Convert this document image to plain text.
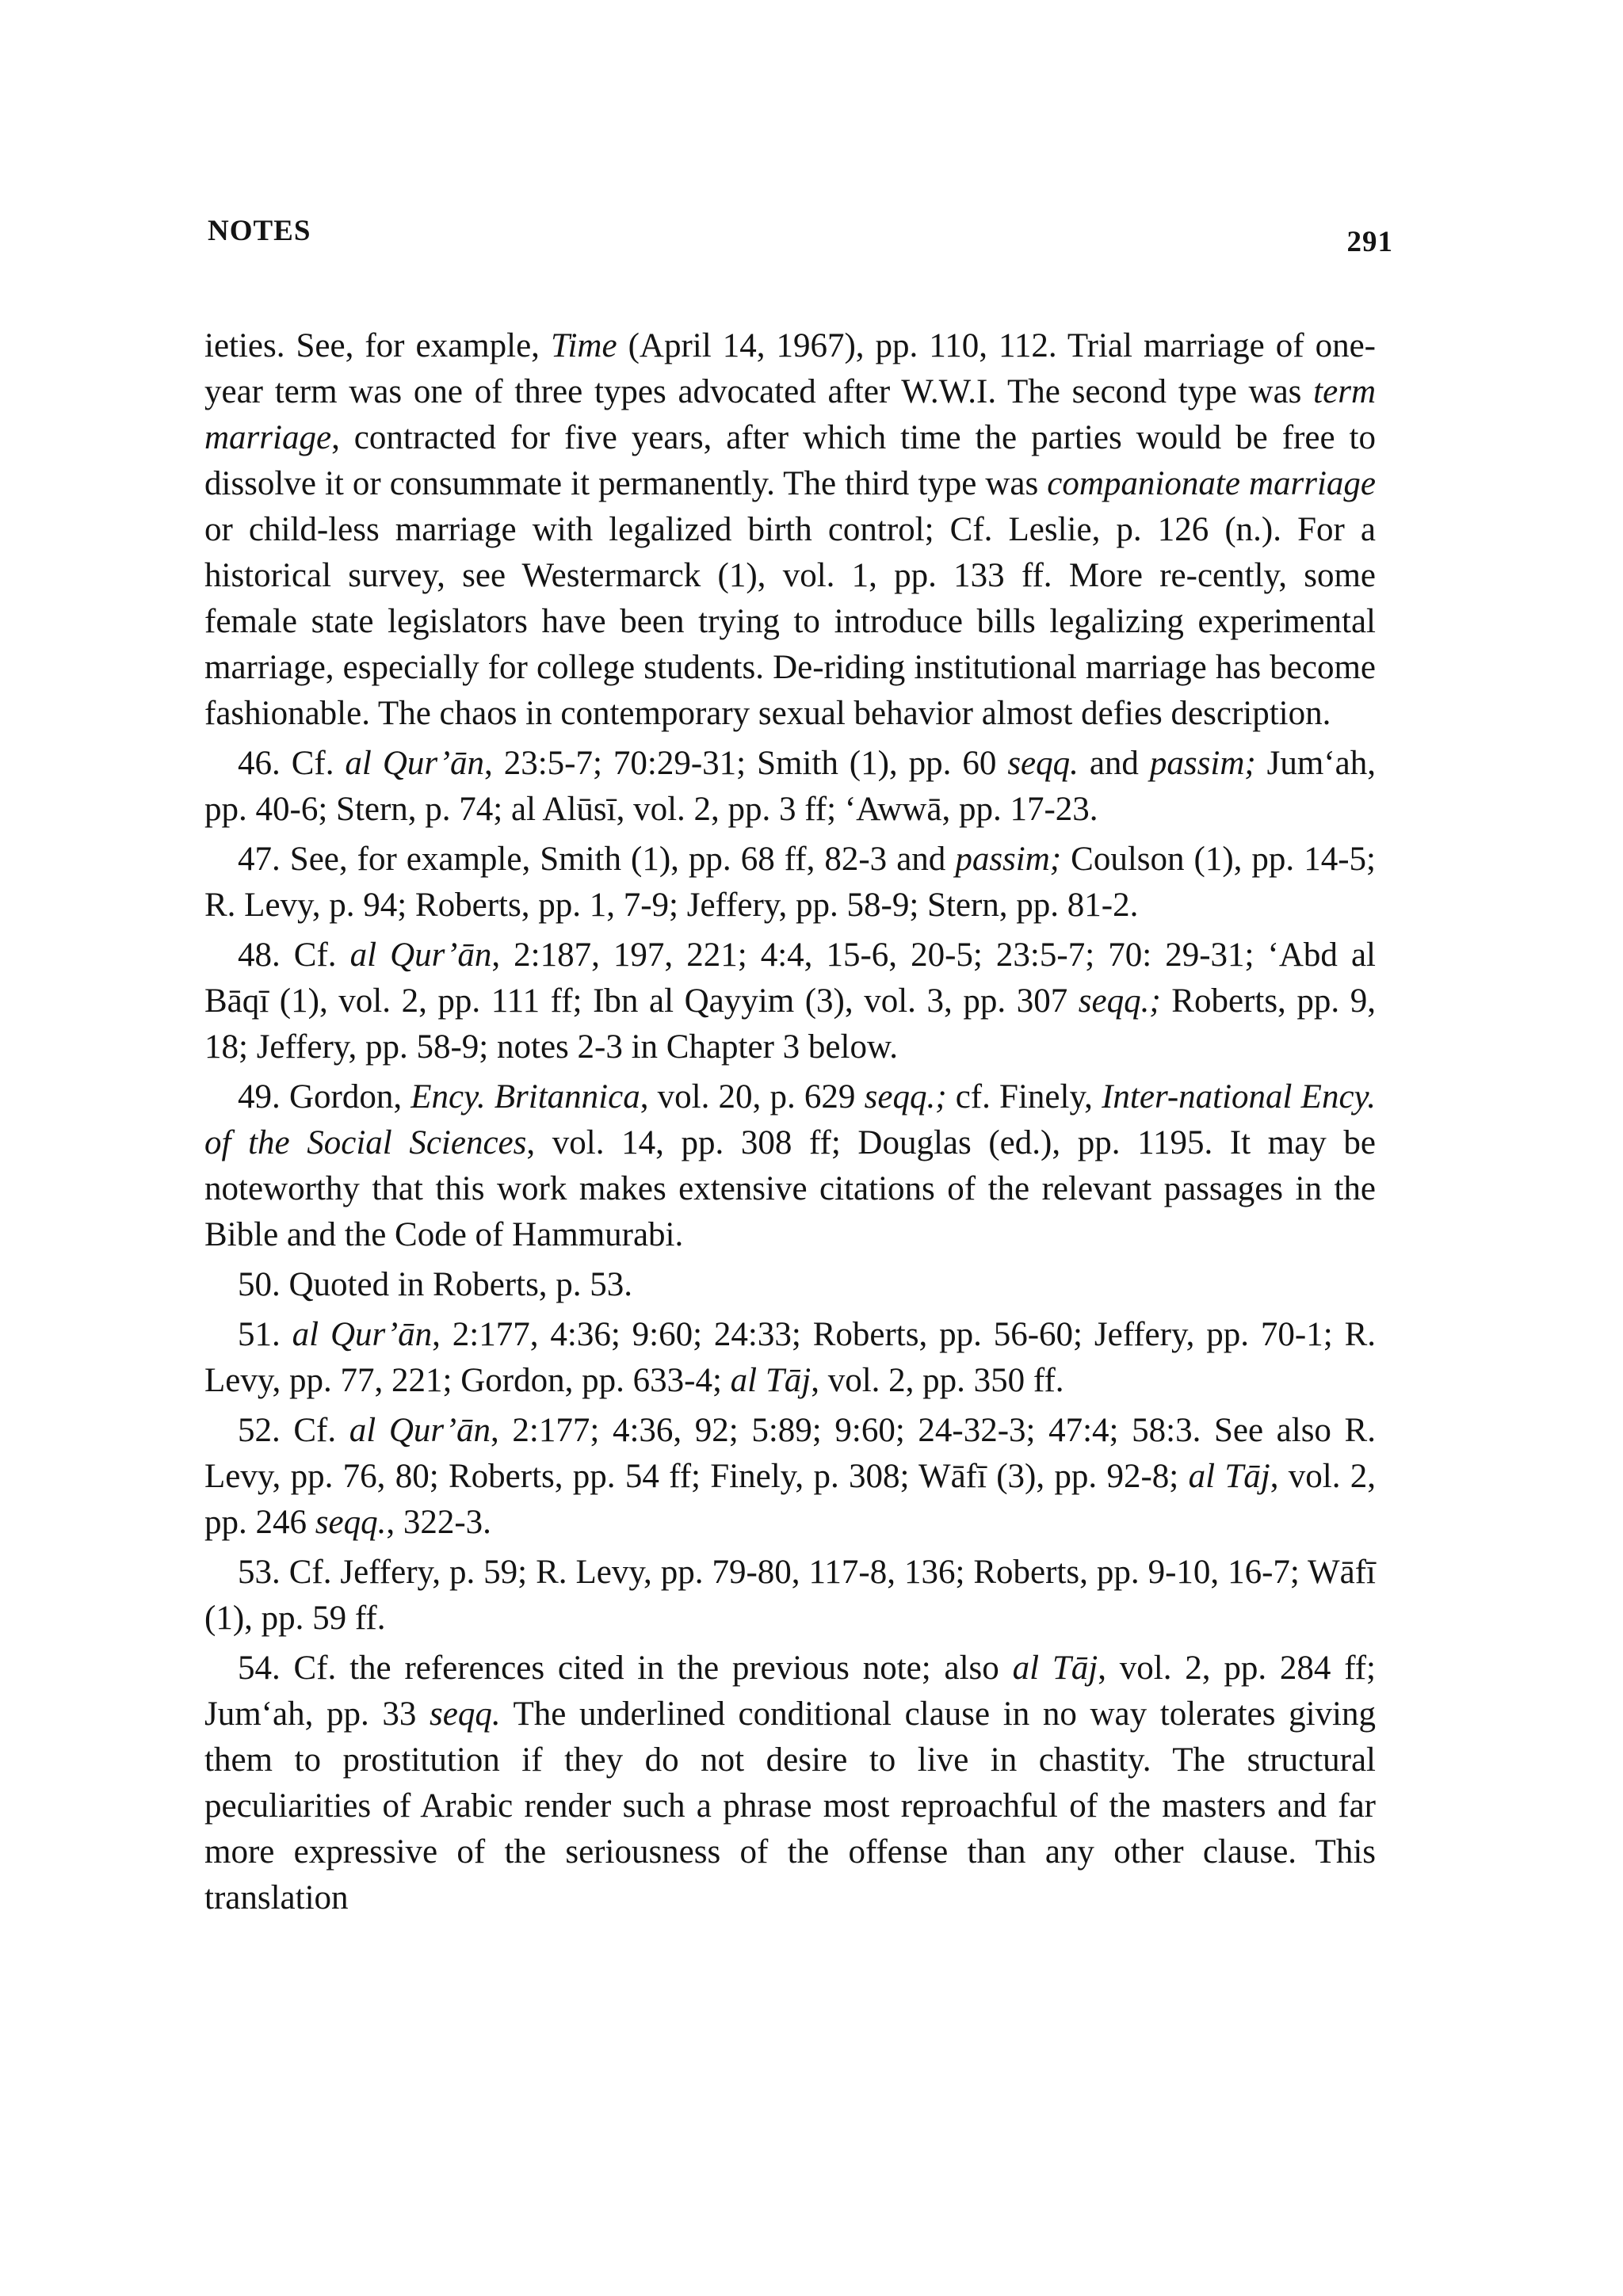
NOTES	291

ieties. See, for example, Time (April 14, 1967), pp. 110, 112. Trial marriage of one-year term was one of three types advocated after W.W.I. The second type was term marriage, contracted for five years, after which time the parties would be free to dissolve it or consummate it permanently. The third type was companionate marriage or child-less marriage with legalized birth control; Cf. Leslie, p. 126 (n.). For a historical survey, see Westermarck (1), vol. 1, pp. 133 ff. More re-cently, some female state legislators have been trying to introduce bills legalizing experimental marriage, especially for college students. De-riding institutional marriage has become fashionable. The chaos in contemporary sexual behavior almost defies description.

46. Cf. al Qur’ān, 23:5-7; 70:29-31; Smith (1), pp. 60 seqq. and passim; Jum‘ah, pp. 40-6; Stern, p. 74; al Alūsī, vol. 2, pp. 3 ff; ‘Awwā, pp. 17-23.

47. See, for example, Smith (1), pp. 68 ff, 82-3 and passim; Coulson (1), pp. 14-5; R. Levy, p. 94; Roberts, pp. 1, 7-9; Jeffery, pp. 58-9; Stern, pp. 81-2.

48. Cf. al Qur’ān, 2:187, 197, 221; 4:4, 15-6, 20-5; 23:5-7; 70: 29-31; ‘Abd al Bāqī (1), vol. 2, pp. 111 ff; Ibn al Qayyim (3), vol. 3, pp. 307 seqq.; Roberts, pp. 9, 18; Jeffery, pp. 58-9; notes 2-3 in Chapter 3 below.

49. Gordon, Ency. Britannica, vol. 20, p. 629 seqq.; cf. Finely, Inter-national Ency. of the Social Sciences, vol. 14, pp. 308 ff; Douglas (ed.), pp. 1195. It may be noteworthy that this work makes extensive citations of the relevant passages in the Bible and the Code of Hammurabi.

50. Quoted in Roberts, p. 53.

51. al Qur’ān, 2:177, 4:36; 9:60; 24:33; Roberts, pp. 56-60; Jeffery, pp. 70-1; R. Levy, pp. 77, 221; Gordon, pp. 633-4; al Tāj, vol. 2, pp. 350 ff.

52. Cf. al Qur’ān, 2:177; 4:36, 92; 5:89; 9:60; 24-32-3; 47:4; 58:3. See also R. Levy, pp. 76, 80; Roberts, pp. 54 ff; Finely, p. 308; Wāfī (3), pp. 92-8; al Tāj, vol. 2, pp. 246 seqq., 322-3.

53. Cf. Jeffery, p. 59; R. Levy, pp. 79-80, 117-8, 136; Roberts, pp. 9-10, 16-7; Wāfī (1), pp. 59 ff.

54. Cf. the references cited in the previous note; also al Tāj, vol. 2, pp. 284 ff; Jum‘ah, pp. 33 seqq. The underlined conditional clause in no way tolerates giving them to prostitution if they do not desire to live in chastity. The structural peculiarities of Arabic render such a phrase most reproachful of the masters and far more expressive of the seriousness of the offense than any other clause. This translation
